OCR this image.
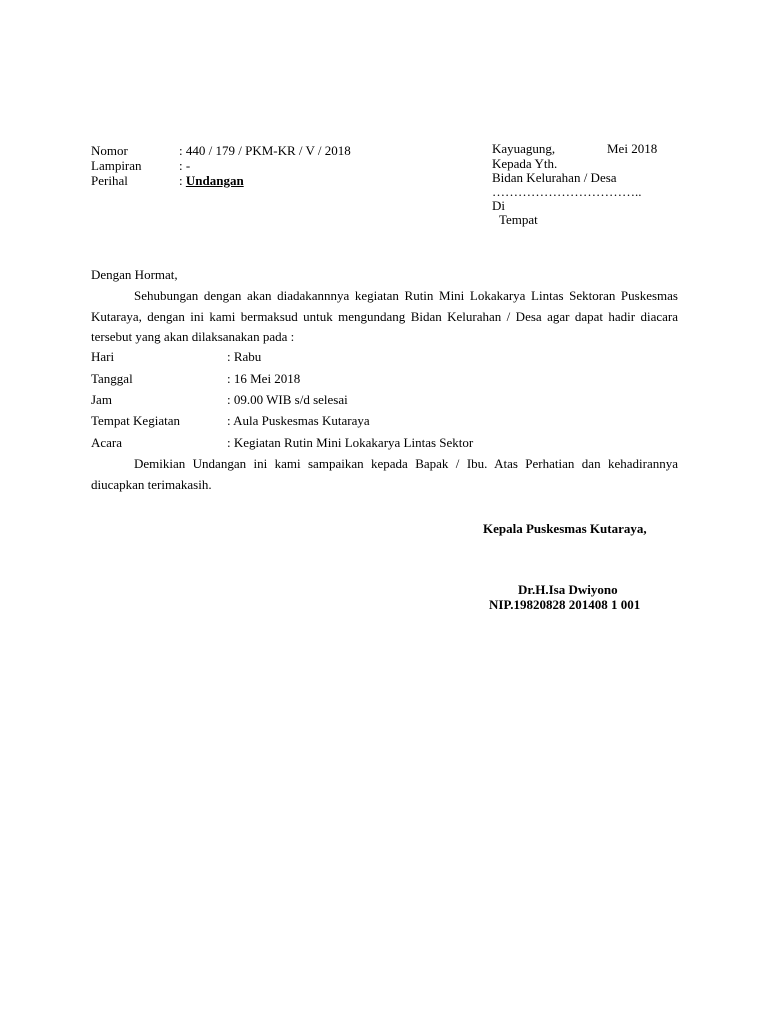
Nomor	: 440 / 179 / PKM-KR / V / 2018
Lampiran	: -
Perihal	: Undangan
Kayuagung,	Mei 2018
Kepada Yth.
Bidan Kelurahan / Desa
……………………………..
Di
Tempat
Dengan Hormat,
Sehubungan dengan akan diadakannnya kegiatan Rutin Mini Lokakarya Lintas Sektoran Puskesmas Kutaraya, dengan ini kami bermaksud untuk mengundang Bidan Kelurahan / Desa agar dapat hadir diacara tersebut yang akan dilaksanakan pada :
Hari	: Rabu
Tanggal	: 16 Mei 2018
Jam	: 09.00 WIB s/d selesai
Tempat Kegiatan	: Aula Puskesmas Kutaraya
Acara	: Kegiatan Rutin Mini Lokakarya Lintas Sektor
Demikian Undangan ini kami sampaikan kepada Bapak / Ibu. Atas Perhatian dan kehadirannya diucapkan terimakasih.
Kepala Puskesmas Kutaraya,
Dr.H.Isa Dwiyono
NIP.19820828 201408 1 001
